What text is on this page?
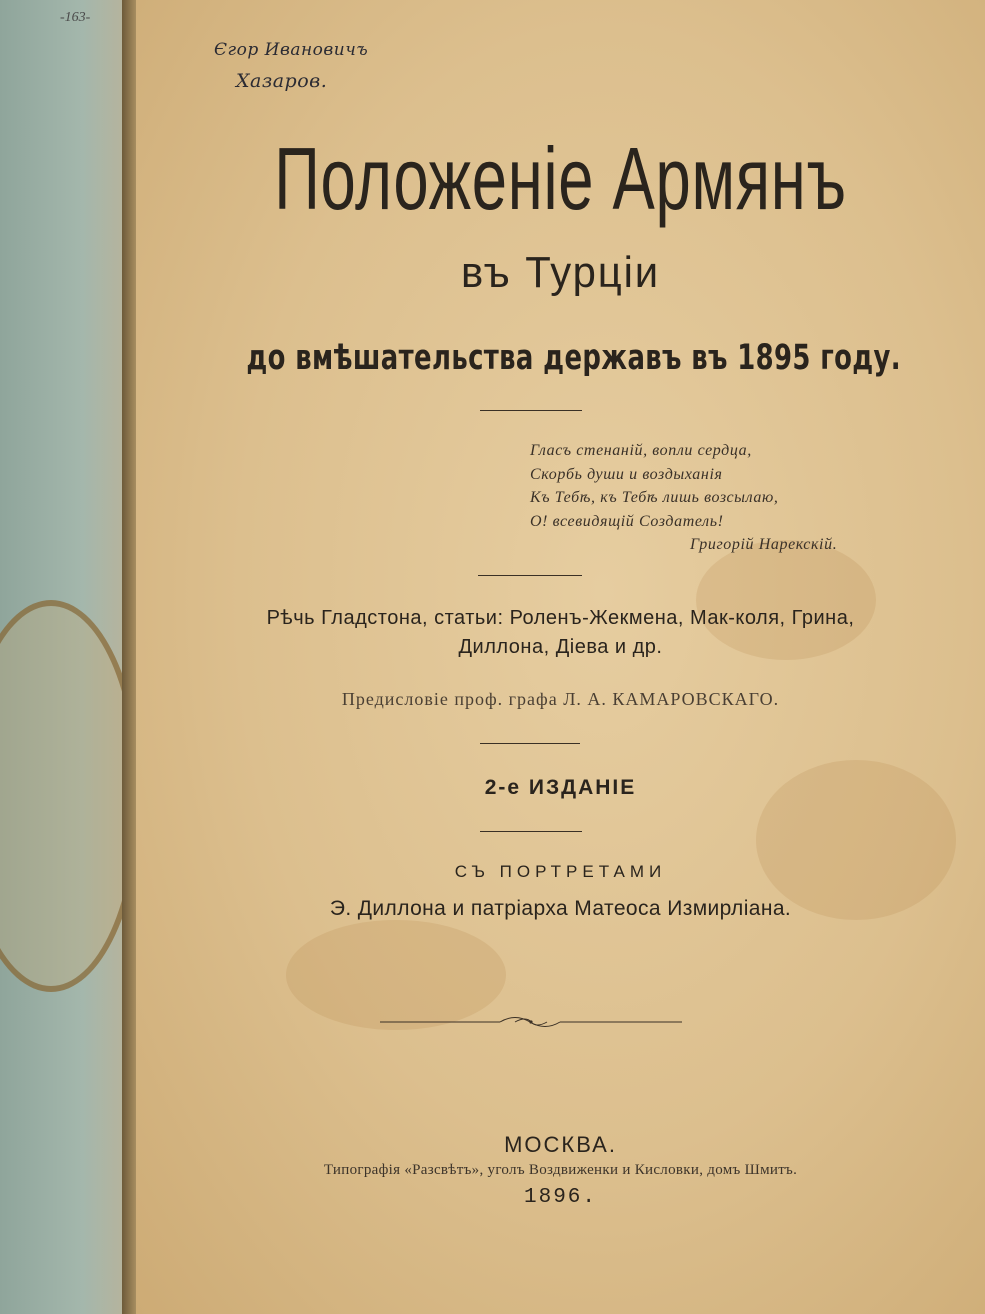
-163-
Єгор Ивановичъ
Хазаров.
Положеніе Армянъ
въ Турціи
до вмѣшательства державъ въ 1895 году.
Гласъ стенаній, вопли сердца,
Скорбь души и воздыханія
Къ Тебѣ, къ Тебѣ лишь возсылаю,
О! всевидящій Создатель!
Григорій Нарекскій.
Рѣчь Гладстона, статьи: Роленъ-Жекмена, Мак-коля, Грина,
Диллона, Діева и др.
Предисловіе проф. графа Л. А. КАМАРОВСКАГО.
2-е ИЗДАНІЕ
СЪ ПОРТРЕТАМИ
Э. Диллона и патріарха Матеоса Измирліана.
МОСКВА.
Типографія «Разсвѣтъ», уголъ Воздвиженки и Кисловки, домъ Шмитъ.
1896.
